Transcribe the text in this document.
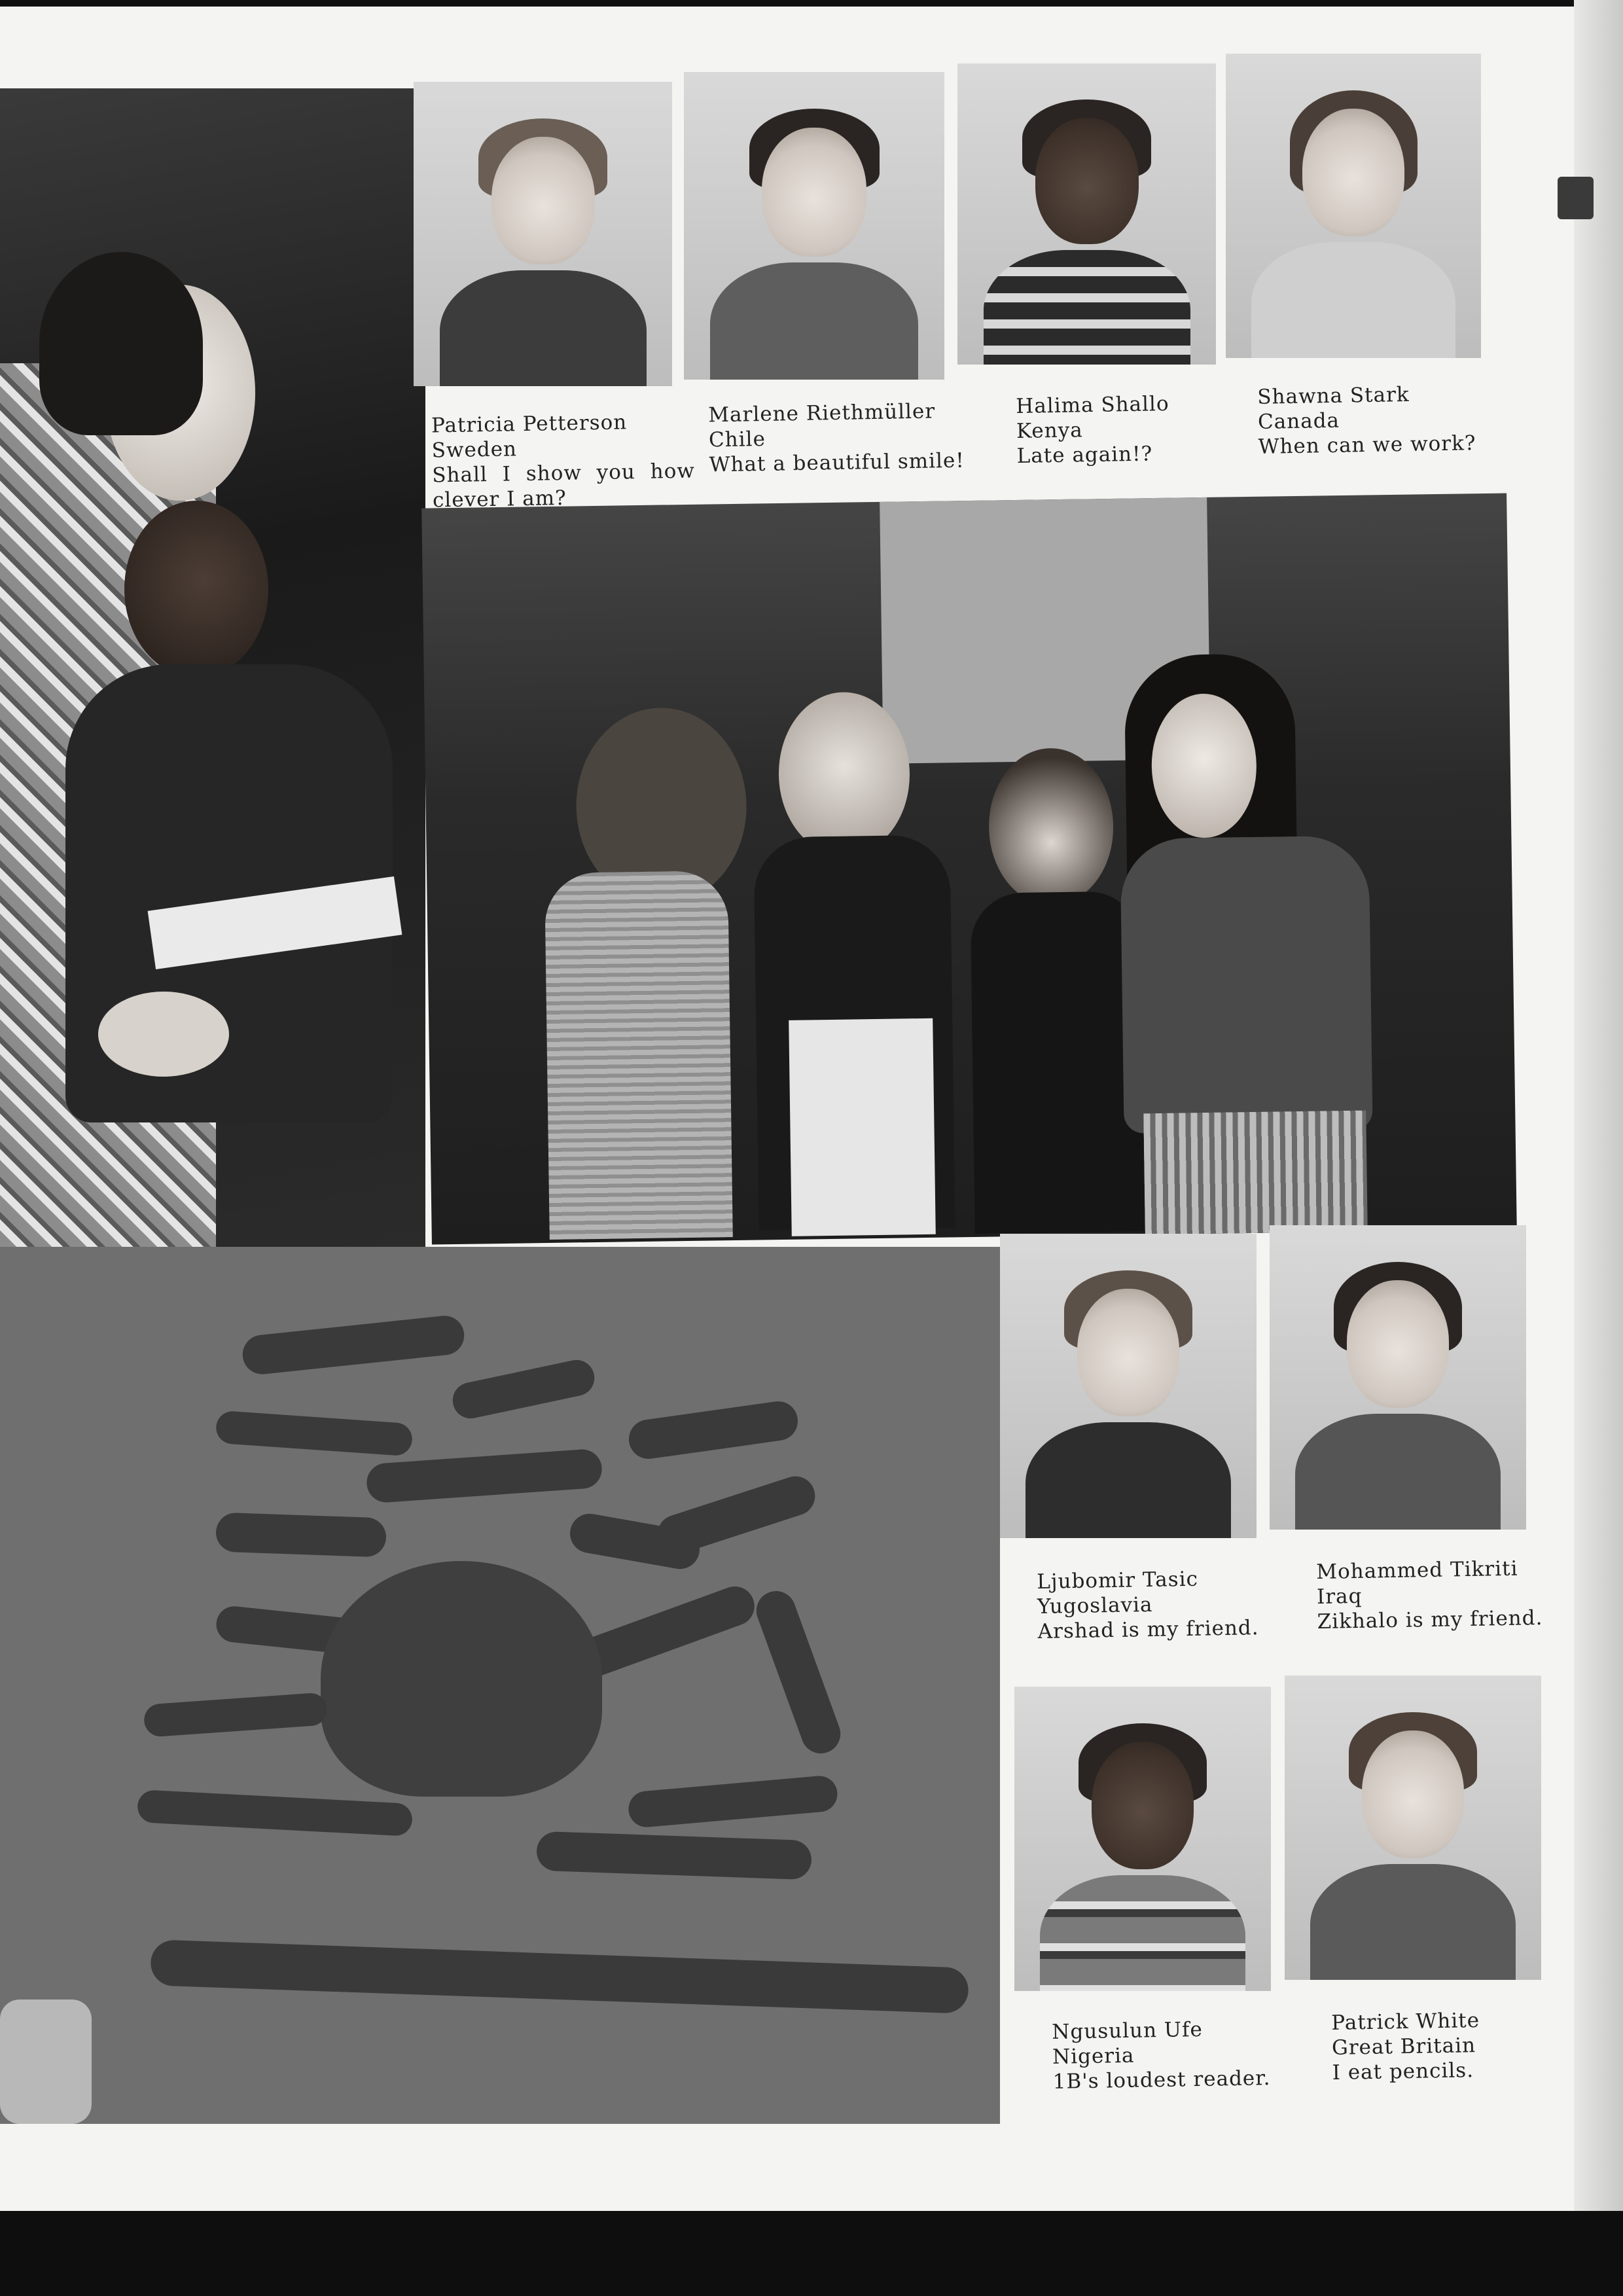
Patricia Petterson
Sweden
Shall I show you how
clever I am?
Marlene Riethmüller
Chile
What a beautiful smile!
Halima Shallo
Kenya
Late again!?
Shawna Stark
Canada
When can we work?
Ljubomir Tasic
Yugoslavia
Arshad is my friend.
Mohammed Tikriti
Iraq
Zikhalo is my friend.
Ngusulun Ufe
Nigeria
1B's loudest reader.
Patrick White
Great Britain
I eat pencils.
